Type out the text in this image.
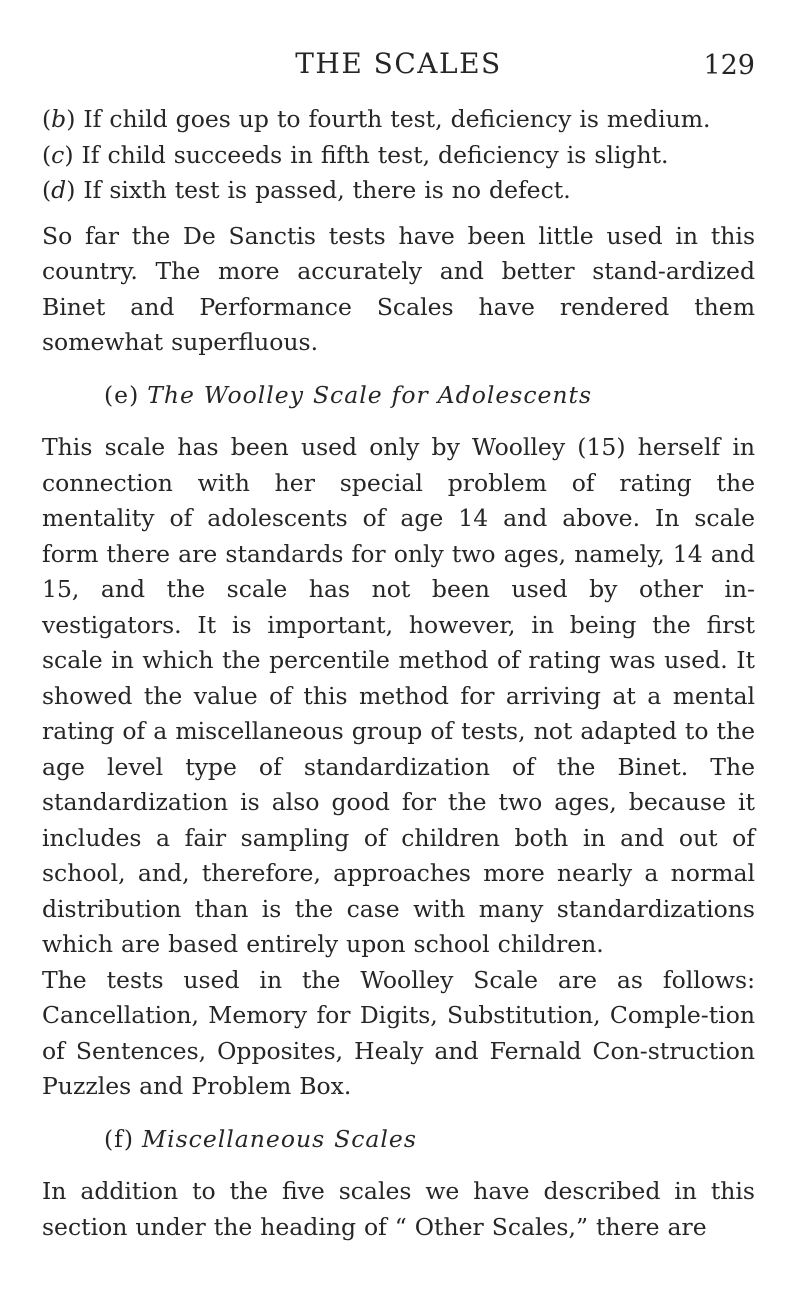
THE SCALES	129

(b) If child goes up to fourth test, deficiency is medium.

(c) If child succeeds in fifth test, deficiency is slight.

(d) If sixth test is passed, there is no defect.

So far the De Sanctis tests have been little used in this country. The more accurately and better stand-ardized Binet and Performance Scales have rendered them somewhat superfluous.

(e) The Woolley Scale for Adolescents

This scale has been used only by Woolley (15) herself in connection with her special problem of rating the mentality of adolescents of age 14 and above. In scale form there are standards for only two ages, namely, 14 and 15, and the scale has not been used by other in-vestigators. It is important, however, in being the first scale in which the percentile method of rating was used. It showed the value of this method for arriving at a mental rating of a miscellaneous group of tests, not adapted to the age level type of standardization of the Binet. The standardization is also good for the two ages, because it includes a fair sampling of children both in and out of school, and, therefore, approaches more nearly a normal distribution than is the case with many standardizations which are based entirely upon school children.

The tests used in the Woolley Scale are as follows: Cancellation, Memory for Digits, Substitution, Comple-tion of Sentences, Opposites, Healy and Fernald Con-struction Puzzles and Problem Box.

(f) Miscellaneous Scales

In addition to the five scales we have described in this section under the heading of “ Other Scales,” there are
